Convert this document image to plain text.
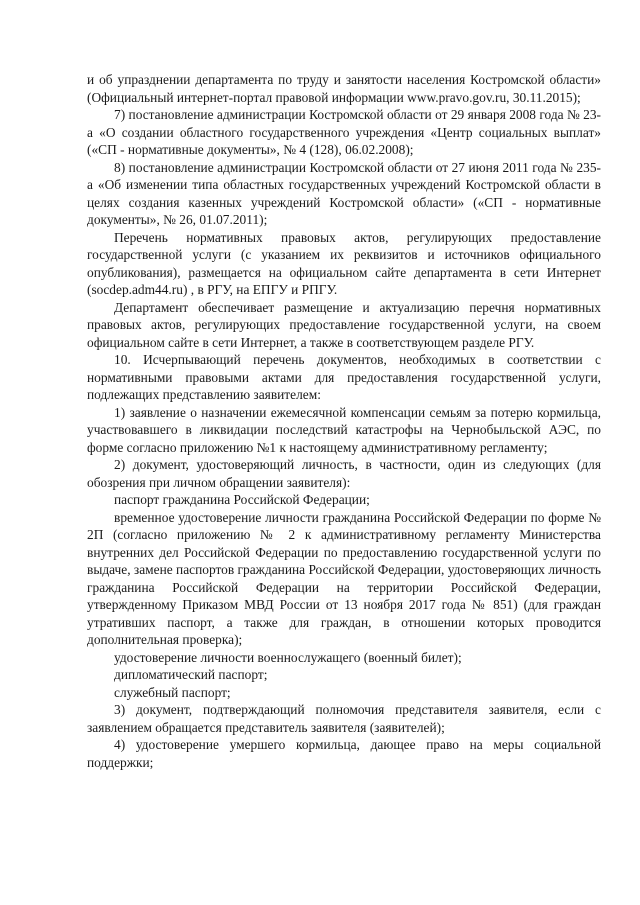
и об упразднении департамента по труду и занятости населения Костромской области» (Официальный интернет-портал правовой информации www.pravo.gov.ru, 30.11.2015);

7) постановление администрации Костромской области от 29 января 2008 года № 23-а «О создании областного государственного учреждения «Центр социальных выплат» («СП - нормативные документы», № 4 (128), 06.02.2008);

8) постановление администрации Костромской области от 27 июня 2011 года № 235-а «Об изменении типа областных государственных учреждений Костромской области в целях создания казенных учреждений Костромской области» («СП - нормативные документы», № 26, 01.07.2011);

Перечень нормативных правовых актов, регулирующих предоставление государственной услуги (с указанием их реквизитов и источников официального опубликования), размещается на официальном сайте департамента в сети Интернет (socdep.adm44.ru) , в РГУ, на ЕПГУ и РПГУ.

Департамент обеспечивает размещение и актуализацию перечня нормативных правовых актов, регулирующих предоставление государственной услуги, на своем официальном сайте в сети Интернет, а также в соответствующем разделе РГУ.

10. Исчерпывающий перечень документов, необходимых в соответствии с нормативными правовыми актами для предоставления государственной услуги, подлежащих представлению заявителем:

1) заявление о назначении ежемесячной компенсации семьям за потерю кормильца, участвовавшего в ликвидации последствий катастрофы на Чернобыльской АЭС, по форме согласно приложению №1 к настоящему административному регламенту;

2) документ, удостоверяющий личность, в частности, один из следующих (для обозрения при личном обращении заявителя):

паспорт гражданина Российской Федерации;

временное удостоверение личности гражданина Российской Федерации по форме № 2П (согласно приложению № 2 к административному регламенту Министерства внутренних дел Российской Федерации по предоставлению государственной услуги по выдаче, замене паспортов гражданина Российской Федерации, удостоверяющих личность гражданина Российской Федерации на территории Российской Федерации, утвержденному Приказом МВД России от 13 ноября 2017 года № 851) (для граждан утративших паспорт, а также для граждан, в отношении которых проводится дополнительная проверка);

удостоверение личности военнослужащего (военный билет);

дипломатический паспорт;

служебный паспорт;

3) документ, подтверждающий полномочия представителя заявителя, если с заявлением обращается представитель заявителя (заявителей);

4) удостоверение умершего кормильца, дающее право на меры социальной поддержки;
